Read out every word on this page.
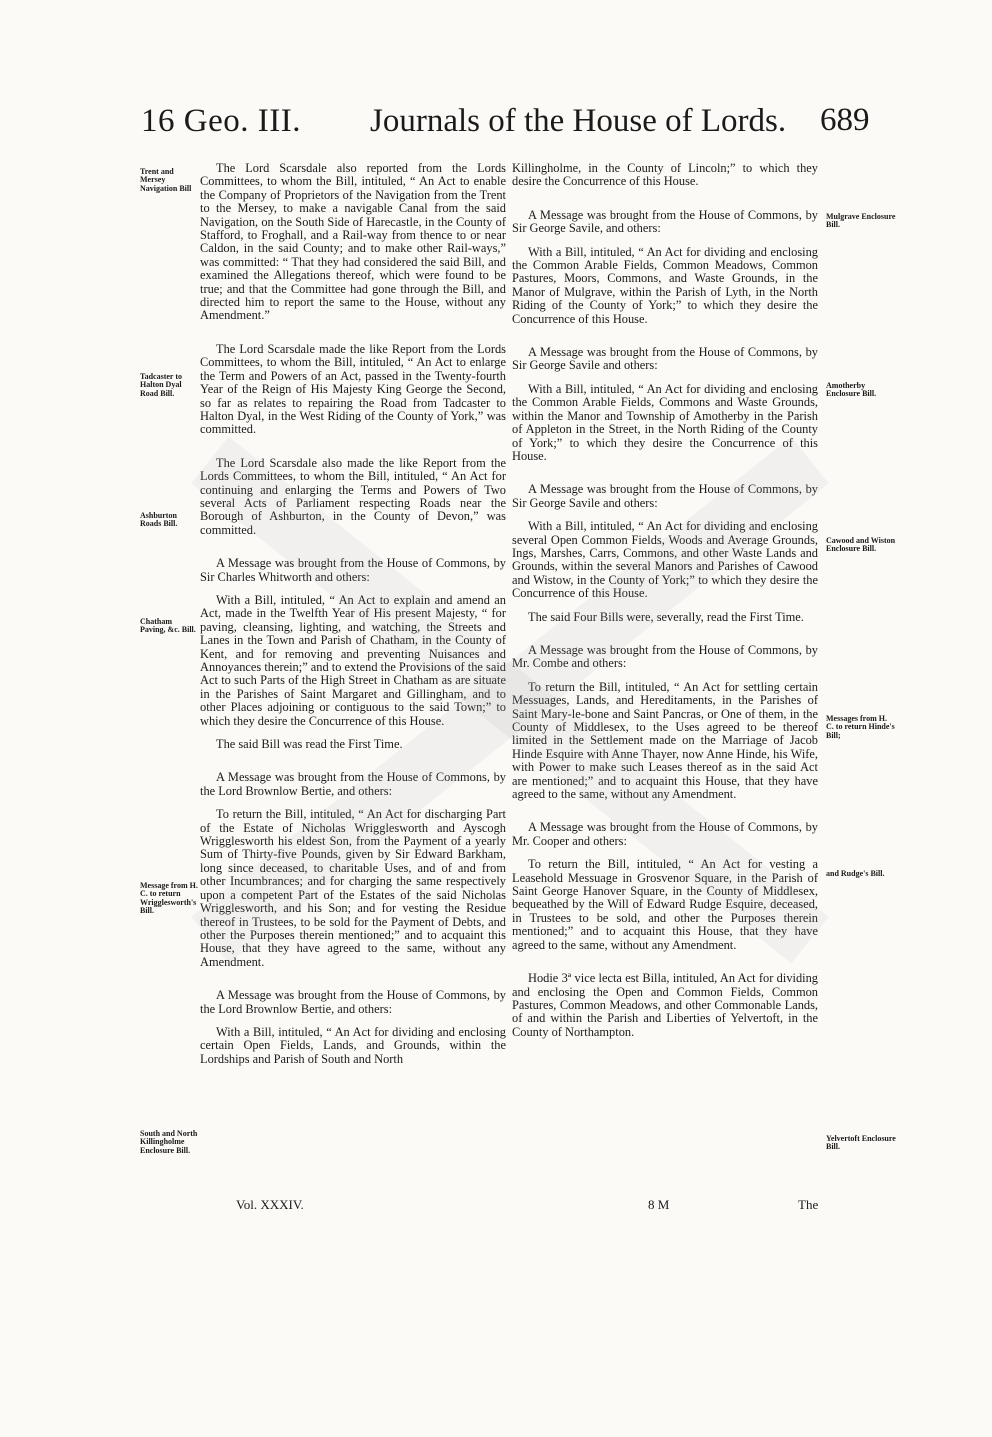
16 Geo. III. Journals of the House of Lords. 689
Trent and Mersey Navigation Bill
Tadcaster to Halton Dyal Road Bill.
Ashburton Roads Bill.
Chatham Paving, &c. Bill.
Message from H. C. to return Wrigglesworth's Bill.
South and North Killingholme Enclosure Bill.
Mulgrave Enclosure Bill.
Amotherby Enclosure Bill.
Cawood and Wiston Enclosure Bill.
Messages from H. C. to return Hinde's Bill;
and Rudge's Bill.
Yelvertoft Enclosure Bill.

The Lord Scarsdale also reported from the Lords Committees, to whom the Bill, intituled, “ An Act to enable the Company of Proprietors of the Navigation from the Trent to the Mersey, to make a navigable Canal from the said Navigation, on the South Side of Harecastle, in the County of Stafford, to Froghall, and a Rail-way from thence to or near Caldon, in the said County; and to make other Rail-ways,” was committed: “ That they had considered the said Bill, and examined the Allegations thereof, which were found to be true; and that the Committee had gone through the Bill, and directed him to report the same to the House, without any Amendment.”

The Lord Scarsdale made the like Report from the Lords Committees, to whom the Bill, intituled, “ An Act to enlarge the Term and Powers of an Act, passed in the Twenty-fourth Year of the Reign of His Majesty King George the Second, so far as relates to repairing the Road from Tadcaster to Halton Dyal, in the West Riding of the County of York,” was committed.

The Lord Scarsdale also made the like Report from the Lords Committees, to whom the Bill, intituled, “ An Act for continuing and enlarging the Terms and Powers of Two several Acts of Parliament respecting Roads near the Borough of Ashburton, in the County of Devon,” was committed.

A Message was brought from the House of Commons, by Sir Charles Whitworth and others:

With a Bill, intituled, “ An Act to explain and amend an Act, made in the Twelfth Year of His present Majesty, “ for paving, cleansing, lighting, and watching, the Streets and Lanes in the Town and Parish of Chatham, in the County of Kent, and for removing and preventing Nuisances and Annoyances therein;” and to extend the Provisions of the said Act to such Parts of the High Street in Chatham as are situate in the Parishes of Saint Margaret and Gillingham, and to other Places adjoining or contiguous to the said Town;” to which they desire the Concurrence of this House.

The said Bill was read the First Time.

A Message was brought from the House of Commons, by the Lord Brownlow Bertie, and others:

To return the Bill, intituled, “ An Act for discharging Part of the Estate of Nicholas Wrigglesworth and Ayscogh Wrigglesworth his eldest Son, from the Payment of a yearly Sum of Thirty-five Pounds, given by Sir Edward Barkham, long since deceased, to charitable Uses, and of and from other Incumbrances; and for charging the same respectively upon a competent Part of the Estates of the said Nicholas Wrigglesworth, and his Son; and for vesting the Residue thereof in Trustees, to be sold for the Payment of Debts, and other the Purposes therein mentioned;” and to acquaint this House, that they have agreed to the same, without any Amendment.

A Message was brought from the House of Commons, by the Lord Brownlow Bertie, and others:

With a Bill, intituled, “ An Act for dividing and enclosing certain Open Fields, Lands, and Grounds, within the Lordships and Parish of South and North

Killingholme, in the County of Lincoln;” to which they desire the Concurrence of this House.

A Message was brought from the House of Commons, by Sir George Savile, and others:

With a Bill, intituled, “ An Act for dividing and enclosing the Common Arable Fields, Common Meadows, Common Pastures, Moors, Commons, and Waste Grounds, in the Manor of Mulgrave, within the Parish of Lyth, in the North Riding of the County of York;” to which they desire the Concurrence of this House.

A Message was brought from the House of Commons, by Sir George Savile and others:

With a Bill, intituled, “ An Act for dividing and enclosing the Common Arable Fields, Commons and Waste Grounds, within the Manor and Township of Amotherby in the Parish of Appleton in the Street, in the North Riding of the County of York;” to which they desire the Concurrence of this House.

A Message was brought from the House of Commons, by Sir George Savile and others:

With a Bill, intituled, “ An Act for dividing and enclosing several Open Common Fields, Woods and Average Grounds, Ings, Marshes, Carrs, Commons, and other Waste Lands and Grounds, within the several Manors and Parishes of Cawood and Wistow, in the County of York;” to which they desire the Concurrence of this House.

The said Four Bills were, severally, read the First Time.

A Message was brought from the House of Commons, by Mr. Combe and others:

To return the Bill, intituled, “ An Act for settling certain Messuages, Lands, and Hereditaments, in the Parishes of Saint Mary-le-bone and Saint Pancras, or One of them, in the County of Middlesex, to the Uses agreed to be thereof limited in the Settlement made on the Marriage of Jacob Hinde Esquire with Anne Thayer, now Anne Hinde, his Wife, with Power to make such Leases thereof as in the said Act are mentioned;” and to acquaint this House, that they have agreed to the same, without any Amendment.

A Message was brought from the House of Commons, by Mr. Cooper and others:

To return the Bill, intituled, “ An Act for vesting a Leasehold Messuage in Grosvenor Square, in the Parish of Saint George Hanover Square, in the County of Middlesex, bequeathed by the Will of Edward Rudge Esquire, deceased, in Trustees to be sold, and other the Purposes therein mentioned;” and to acquaint this House, that they have agreed to the same, without any Amendment.

Hodie 3ª vice lecta est Billa, intituled, An Act for dividing and enclosing the Open and Common Fields, Common Pastures, Common Meadows, and other Commonable Lands, of and within the Parish and Liberties of Yelvertoft, in the County of Northampton.

Vol. XXXIV.	8 M	The
